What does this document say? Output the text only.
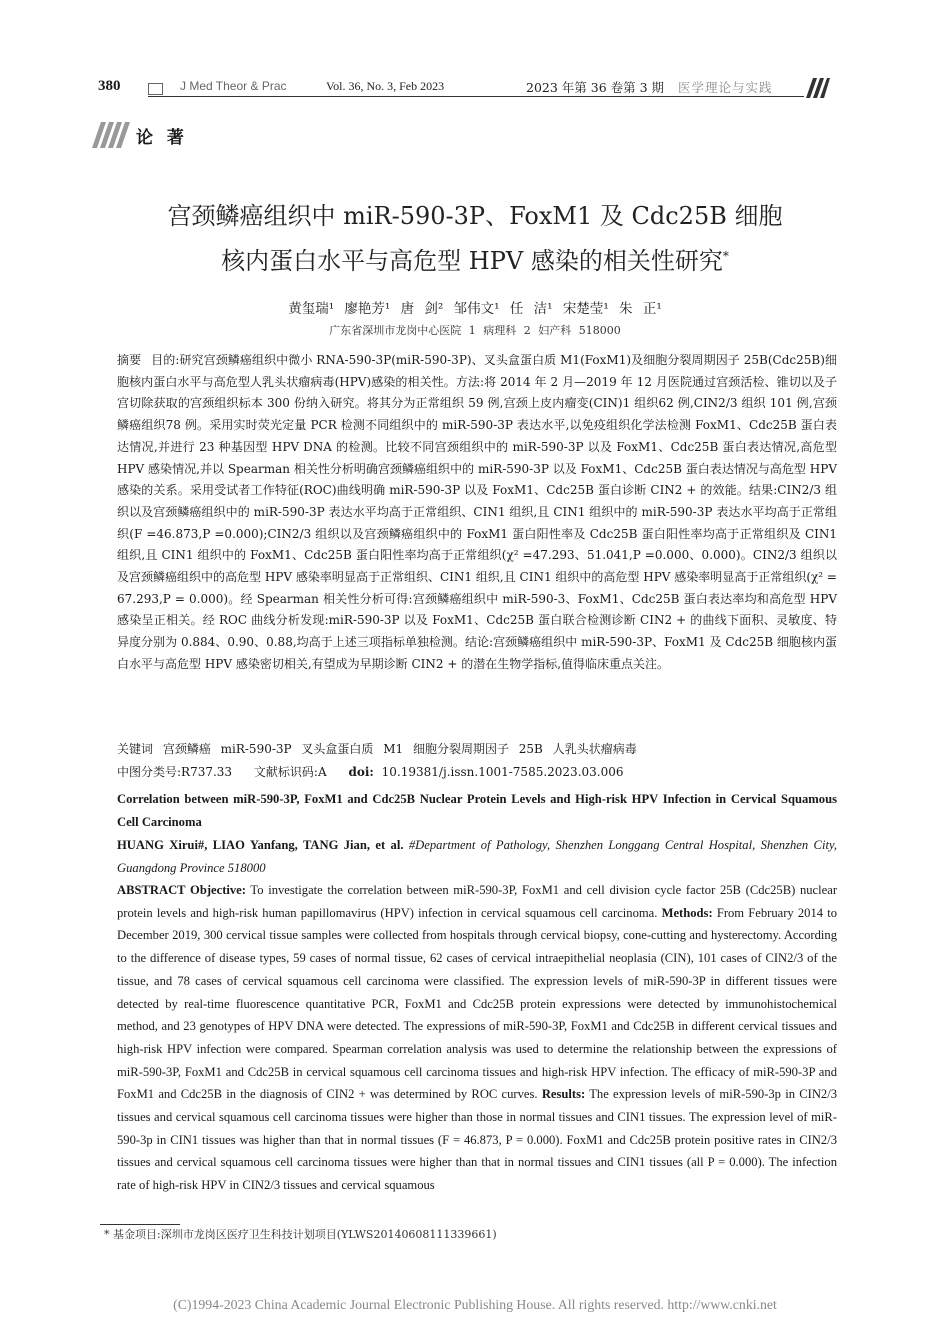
380	J Med Theor & Prac	Vol. 36, No. 3, Feb 2023	2023 年第 36 卷第 3 期 医学理论与实践
论 著
宫颈鳞癌组织中 miR-590-3P、FoxM1 及 Cdc25B 细胞
核内蛋白水平与高危型 HPV 感染的相关性研究*
黄玺瑞¹ 廖艳芳¹ 唐 剑² 邹伟文¹ 任 洁¹ 宋楚莹¹ 朱 正¹
广东省深圳市龙岗中心医院 1 病理科 2 妇产科 518000
摘要 目的:研究宫颈鳞癌组织中微小 RNA-590-3P(miR-590-3P)、叉头盒蛋白质 M1(FoxM1)及细胞分裂周期因子 25B(Cdc25B)细胞核内蛋白水平与高危型人乳头状瘤病毒(HPV)感染的相关性。方法:将 2014 年 2 月—2019 年 12 月医院通过宫颈活检、锥切以及子宫切除获取的宫颈组织标本 300 份纳入研究。将其分为正常组织 59 例,宫颈上皮内瘤变(CIN)1 组织62 例,CIN2/3 组织 101 例,宫颈鳞癌组织78 例。采用实时荧光定量 PCR 检测不同组织中的 miR-590-3P 表达水平,以免疫组织化学法检测 FoxM1、Cdc25B 蛋白表达情况,并进行 23 种基因型 HPV DNA 的检测。比较不同宫颈组织中的 miR-590-3P 以及 FoxM1、Cdc25B 蛋白表达情况,高危型 HPV 感染情况,并以 Spearman 相关性分析明确宫颈鳞癌组织中的 miR-590-3P 以及 FoxM1、Cdc25B 蛋白表达情况与高危型 HPV 感染的关系。采用受试者工作特征(ROC)曲线明确 miR-590-3P 以及 FoxM1、Cdc25B 蛋白诊断 CIN2 + 的效能。结果:CIN2/3 组织以及宫颈鳞癌组织中的 miR-590-3P 表达水平均高于正常组织、CIN1 组织,且 CIN1 组织中的 miR-590-3P 表达水平均高于正常组织(F =46.873,P =0.000);CIN2/3 组织以及宫颈鳞癌组织中的 FoxM1 蛋白阳性率及 Cdc25B 蛋白阳性率均高于正常组织及 CIN1 组织,且 CIN1 组织中的 FoxM1、Cdc25B 蛋白阳性率均高于正常组织(χ² =47.293、51.041,P =0.000、0.000)。CIN2/3 组织以及宫颈鳞癌组织中的高危型 HPV 感染率明显高于正常组织、CIN1 组织,且 CIN1 组织中的高危型 HPV 感染率明显高于正常组织(χ² = 67.293,P = 0.000)。经 Spearman 相关性分析可得:宫颈鳞癌组织中 miR-590-3、FoxM1、Cdc25B 蛋白表达率均和高危型 HPV 感染呈正相关。经 ROC 曲线分析发现:miR-590-3P 以及 FoxM1、Cdc25B 蛋白联合检测诊断 CIN2 + 的曲线下面积、灵敏度、特异度分别为 0.884、0.90、0.88,均高于上述三项指标单独检测。结论:宫颈鳞癌组织中 miR-590-3P、FoxM1 及 Cdc25B 细胞核内蛋白水平与高危型 HPV 感染密切相关,有望成为早期诊断 CIN2 + 的潜在生物学指标,值得临床重点关注。
关键词 宫颈鳞癌 miR-590-3P 叉头盒蛋白质 M1 细胞分裂周期因子 25B 人乳头状瘤病毒
中图分类号:R737.33 文献标识码:A doi: 10.19381/j.issn.1001-7585.2023.03.006
Correlation between miR-590-3P, FoxM1 and Cdc25B Nuclear Protein Levels and High-risk HPV Infection in Cervical Squamous Cell Carcinoma
HUANG Xirui#, LIAO Yanfang, TANG Jian, et al. #Department of Pathology, Shenzhen Longgang Central Hospital, Shenzhen City, Guangdong Province 518000
ABSTRACT Objective: To investigate the correlation between miR-590-3P, FoxM1 and cell division cycle factor 25B (Cdc25B) nuclear protein levels and high-risk human papillomavirus (HPV) infection in cervical squamous cell carcinoma. Methods: From February 2014 to December 2019, 300 cervical tissue samples were collected from hospitals through cervical biopsy, cone-cutting and hysterectomy. According to the difference of disease types, 59 cases of normal tissue, 62 cases of cervical intraepithelial neoplasia (CIN), 101 cases of CIN2/3 of the tissue, and 78 cases of cervical squamous cell carcinoma were classified. The expression levels of miR-590-3P in different tissues were detected by real-time fluorescence quantitative PCR, FoxM1 and Cdc25B protein expressions were detected by immunohistochemical method, and 23 genotypes of HPV DNA were detected. The expressions of miR-590-3P, FoxM1 and Cdc25B in different cervical tissues and high-risk HPV infection were compared. Spearman correlation analysis was used to determine the relationship between the expressions of miR-590-3P, FoxM1 and Cdc25B in cervical squamous cell carcinoma tissues and high-risk HPV infection. The efficacy of miR-590-3P and FoxM1 and Cdc25B in the diagnosis of CIN2 + was determined by ROC curves. Results: The expression levels of miR-590-3p in CIN2/3 tissues and cervical squamous cell carcinoma tissues were higher than those in normal tissues and CIN1 tissues. The expression level of miR-590-3p in CIN1 tissues was higher than that in normal tissues (F = 46.873, P = 0.000). FoxM1 and Cdc25B protein positive rates in CIN2/3 tissues and cervical squamous cell carcinoma tissues were higher than that in normal tissues and CIN1 tissues (all P = 0.000). The infection rate of high-risk HPV in CIN2/3 tissues and cervical squamous
* 基金项目:深圳市龙岗区医疗卫生科技计划项目(YLWS20140608111339661)
(C)1994-2023 China Academic Journal Electronic Publishing House. All rights reserved. http://www.cnki.net
